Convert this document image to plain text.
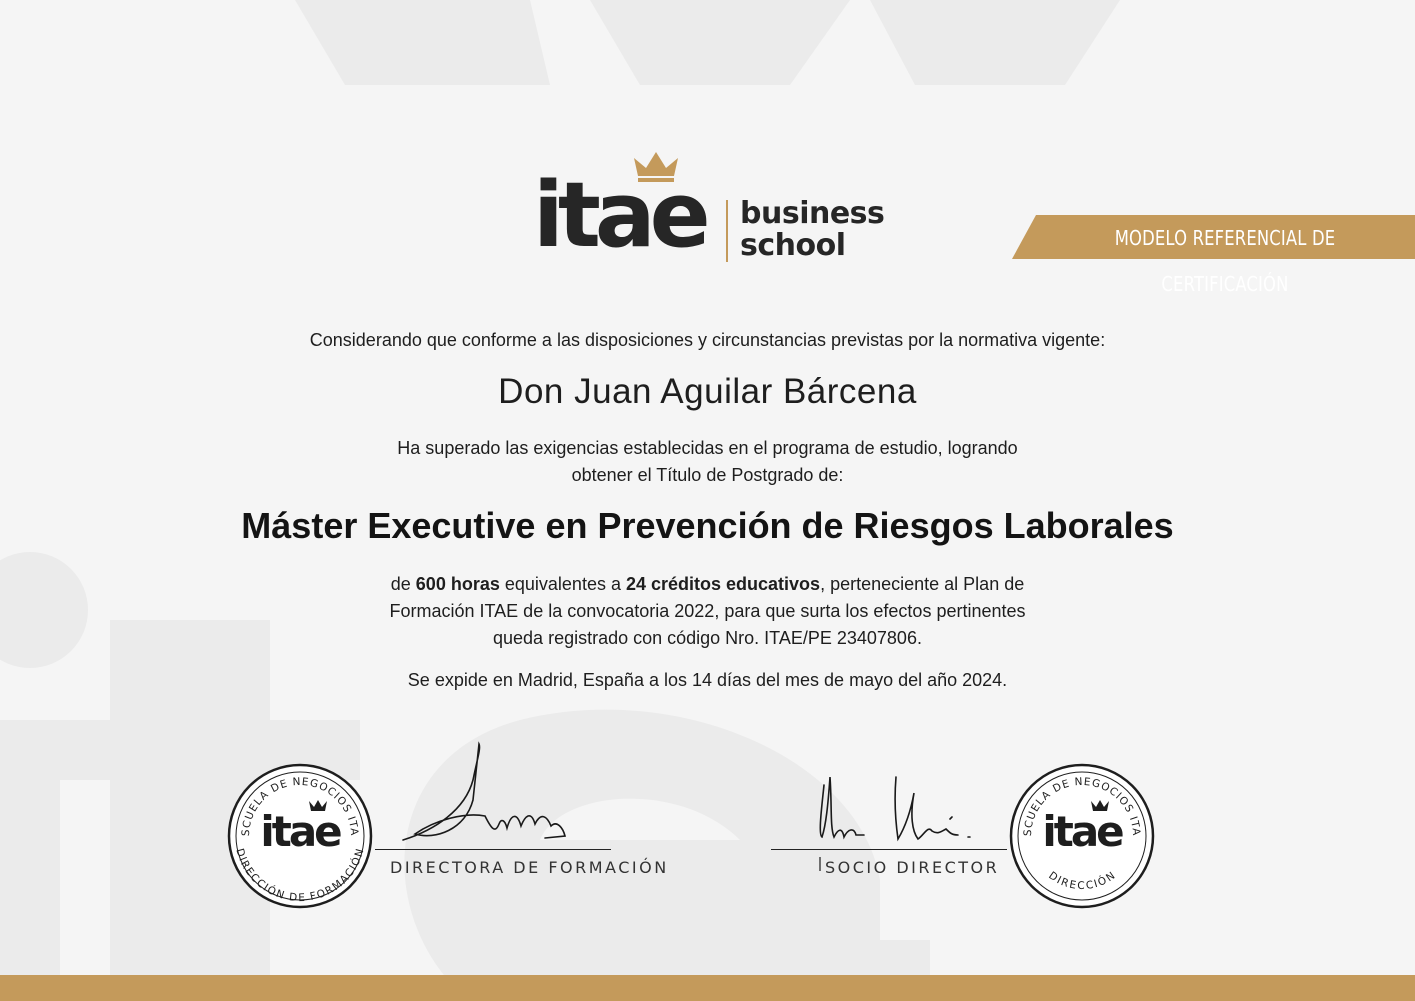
MODELO REFERENCIAL DE CERTIFICACIÓN
itae business
school
Considerando que conforme a las disposiciones y circunstancias previstas por la normativa vigente:
Don Juan Aguilar Bárcena
Ha superado las exigencias establecidas en el programa de estudio, logrando
obtener el Título de Postgrado de:
Máster Executive en Prevención de Riesgos Laborales
de 600 horas equivalentes a 24 créditos educativos, perteneciente al Plan de
Formación ITAE de la convocatoria 2022, para que surta los efectos pertinentes
queda registrado con código Nro. ITAE/PE 23407806.
Se expide en Madrid, España a los 14 días del mes de mayo del año 2024.
SCUELA DE NEGOCIOS ITA
DIRECCIÓN DE FORMACIÓN
itae
DIRECTORA DE FORMACIÓN	SOCIO DIRECTOR
SCUELA DE NEGOCIOS ITA
DIRECCIÓN
itae
